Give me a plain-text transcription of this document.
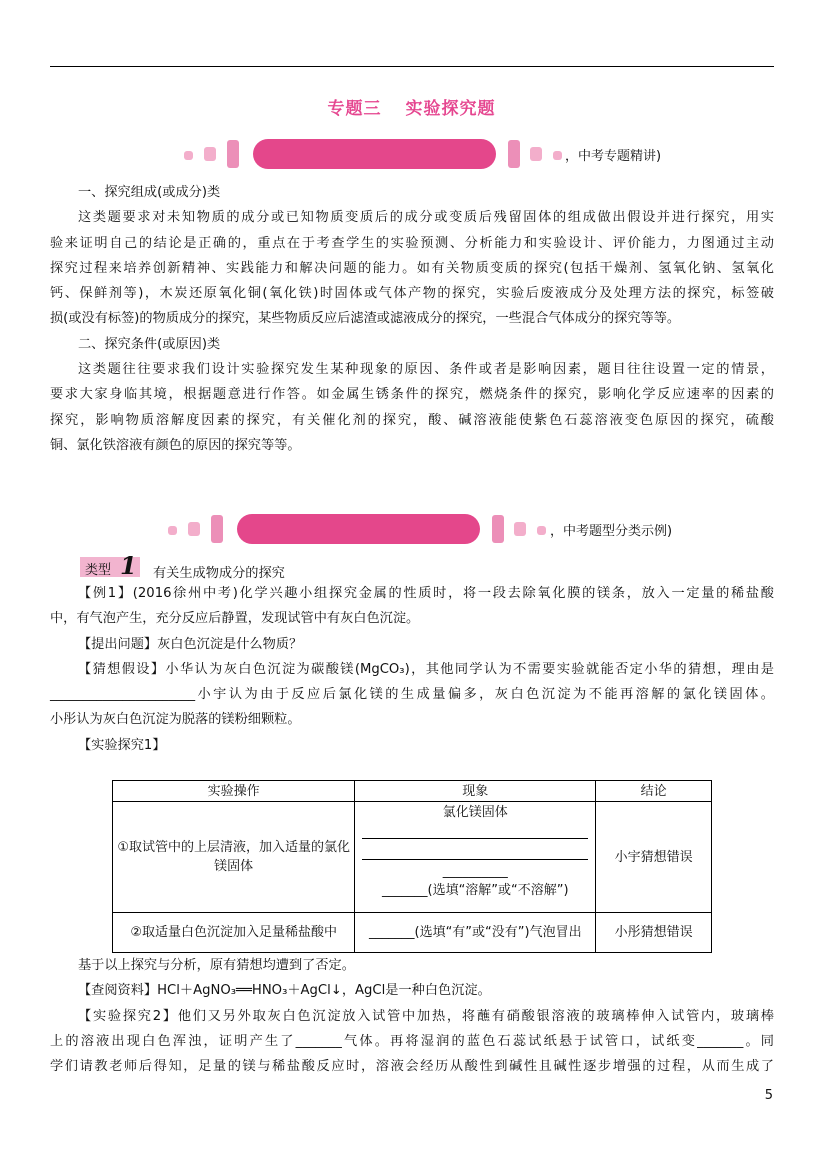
专题三 实验探究题
，中考专题精讲)
一、探究组成(或成分)类
这类题要求对未知物质的成分或已知物质变质后的成分或变质后残留固体的组成做出假设并进行探究，用实
验来证明自己的结论是正确的，重点在于考查学生的实验预测、分析能力和实验设计、评价能力，力图通过主动
探究过程来培养创新精神、实践能力和解决问题的能力。如有关物质变质的探究(包括干燥剂、氢氧化钠、氢氧化
钙、保鲜剂等)，木炭还原氧化铜(氧化铁)时固体或气体产物的探究，实验后废液成分及处理方法的探究，标签破
损(或没有标签)的物质成分的探究，某些物质反应后滤渣或滤液成分的探究，一些混合气体成分的探究等等。
二、探究条件(或原因)类
这类题往往要求我们设计实验探究发生某种现象的原因、条件或者是影响因素，题目往往设置一定的情景，
要求大家身临其境，根据题意进行作答。如金属生锈条件的探究，燃烧条件的探究，影响化学反应速率的因素的
探究，影响物质溶解度因素的探究，有关催化剂的探究，酸、碱溶液能使紫色石蕊溶液变色原因的探究，硫酸
铜、氯化铁溶液有颜色的原因的探究等等。
，中考题型分类示例)
类型 1 有关生成物成分的探究
【例1】(2016徐州中考)化学兴趣小组探究金属的性质时，将一段去除氧化膜的镁条，放入一定量的稀盐酸
中，有气泡产生，充分反应后静置，发现试管中有灰白色沉淀。
【提出问题】灰白色沉淀是什么物质？
【猜想假设】小华认为灰白色沉淀为碳酸镁(MgCO₃)，其他同学认为不需要实验就能否定小华的猜想，理由是
______________________小宇认为由于反应后氯化镁的生成量偏多，灰白色沉淀为不能再溶解的氯化镁固体。
小彤认为灰白色沉淀为脱落的镁粉细颗粒。
【实验探究1】
实验操作	现象	结论
①取试管中的上层清液，加入适量的氯化镁固体	氯化镁固体
__________
_______(选填“溶解”或“不溶解”)	小宇猜想错误
②取适量白色沉淀加入足量稀盐酸中	_______(选填“有”或“没有”)气泡冒出	小彤猜想错误
基于以上探究与分析，原有猜想均遭到了否定。
【查阅资料】HCl＋AgNO₃══HNO₃＋AgCl↓，AgCl是一种白色沉淀。
【实验探究2】他们又另外取灰白色沉淀放入试管中加热，将蘸有硝酸银溶液的玻璃棒伸入试管内，玻璃棒
上的溶液出现白色浑浊，证明产生了_______气体。再将湿润的蓝色石蕊试纸悬于试管口，试纸变_______。同
学们请教老师后得知，足量的镁与稀盐酸反应时，溶液会经历从酸性到碱性且碱性逐步增强的过程，从而生成了
5
